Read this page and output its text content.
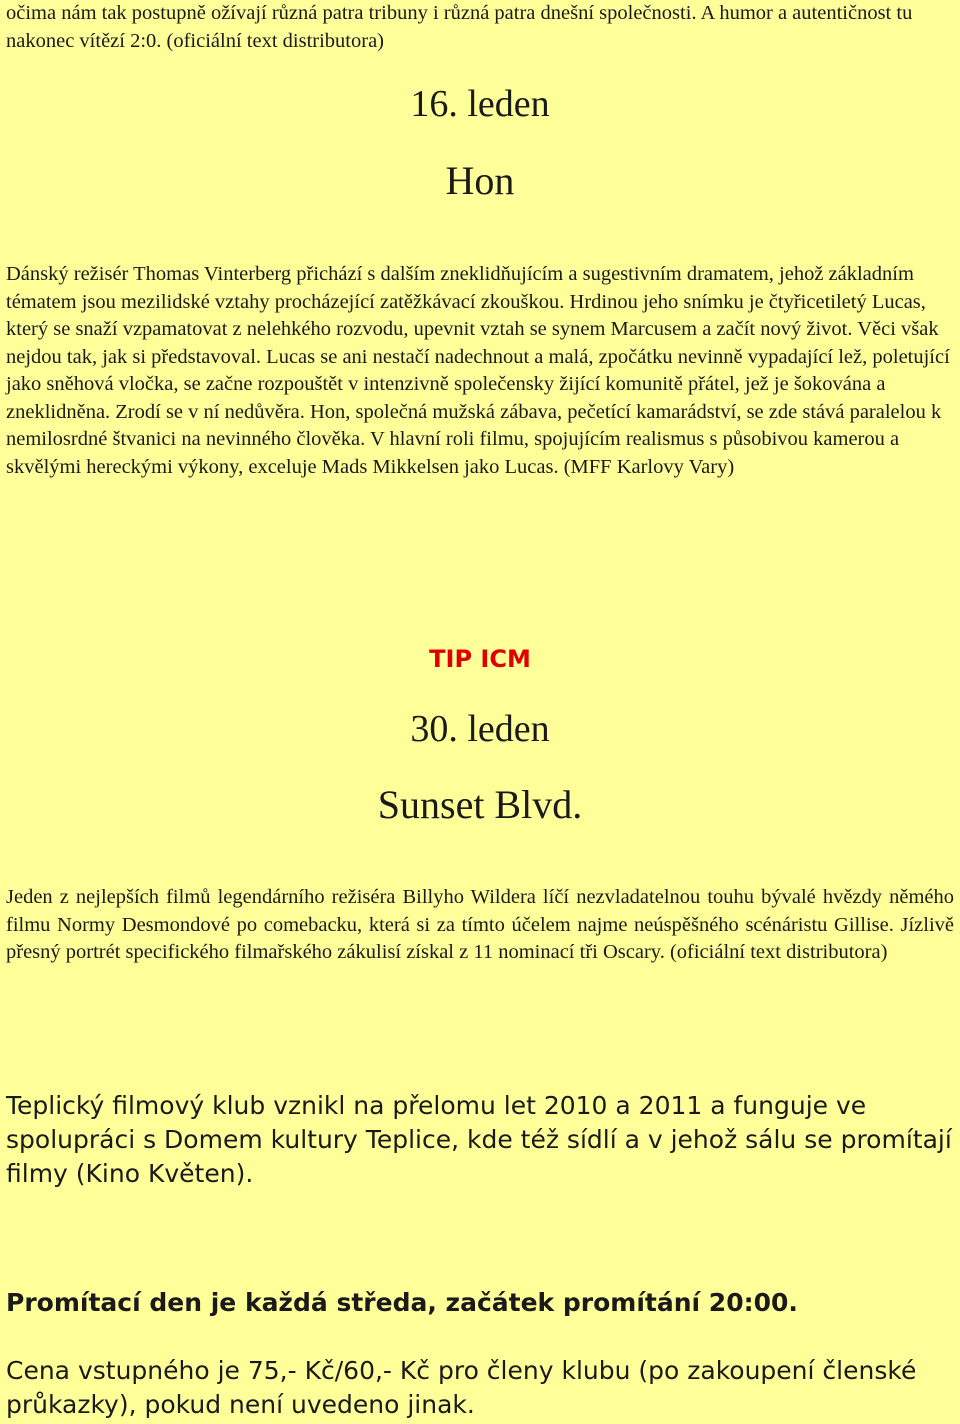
očima nám tak postupně ožívají různá patra tribuny i různá patra dnešní společnosti. A humor a autentičnost tu nakonec vítězí 2:0. (oficiální text distributora)

16. leden
Hon

Dánský režisér Thomas Vinterberg přichází s dalším zneklidňujícím a sugestivním dramatem, jehož základním tématem jsou mezilidské vztahy procházející zatěžkávací zkouškou. Hrdinou jeho snímku je čtyřicetiletý Lucas, který se snaží vzpamatovat z nelehkého rozvodu, upevnit vztah se synem Marcusem a začít nový život. Věci však nejdou tak, jak si představoval. Lucas se ani nestačí nadechnout a malá, zpočátku nevinně vypadající lež, poletující jako sněhová vločka, se začne rozpouštět v intenzivně společensky žijící komunitě přátel, jež je šokována a zneklidněna. Zrodí se v ní nedůvěra. Hon, společná mužská zábava, pečetící kamarádství, se zde stává paralelou k nemilosrdné štvanici na nevinného člověka. V hlavní roli filmu, spojujícím realismus s působivou kamerou a skvělými hereckými výkony, exceluje Mads Mikkelsen jako Lucas. (MFF Karlovy Vary)

TIP ICM
30. leden
Sunset Blvd.

Jeden z nejlepších filmů legendárního režiséra Billyho Wildera líčí nezvladatelnou touhu bývalé hvězdy němého filmu Normy Desmondové po comebacku, která si za tímto účelem najme neúspěšného scénáristu Gillise. Jízlivě přesný portrét specifického filmařského zákulisí získal z 11 nominací tři Oscary. (oficiální text distributora)

Teplický filmový klub vznikl na přelomu let 2010 a 2011 a funguje ve spolupráci s Domem kultury Teplice, kde též sídlí a v jehož sálu se promítají filmy (Kino Květen).

Promítací den je každá středa, začátek promítání 20:00.

Cena vstupného je 75,- Kč/60,- Kč pro členy klubu (po zakoupení členské průkazky), pokud není uvedeno jinak.
